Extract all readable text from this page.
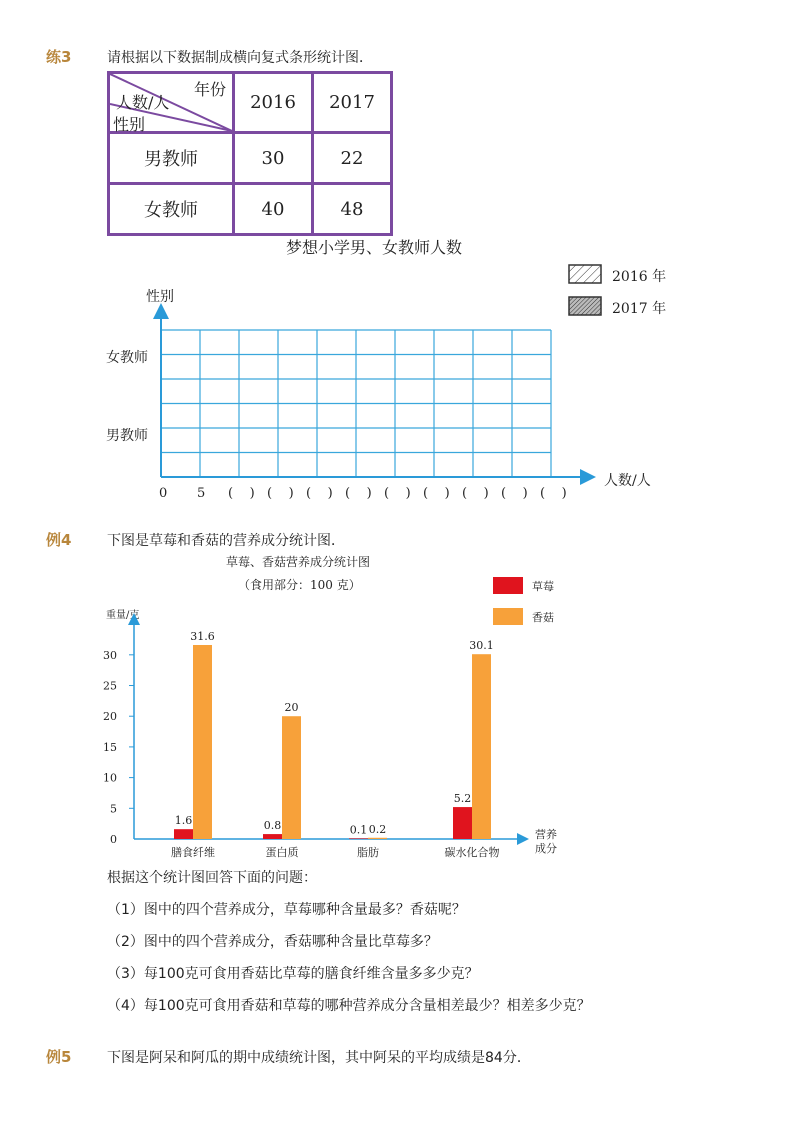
练3	请根据以下数据制成横向复式条形统计图．
年份
人数/人
性别	2016	2017
男教师	30	22
女教师	40	48
梦想小学男、女教师人数
2016 年
2017 年
性别
女教师
男教师
人数/人
0 5 (    ) (    ) (    ) (    ) (    ) (    ) (    ) (    ) (    )
例4	下图是草莓和香菇的营养成分统计图．
草莓、香菇营养成分统计图
（食用部分：100 克）
重量/克
0
5
10
15
20
25
30
1.6
31.6
膳食纤维
0.8
20
蛋白质
0.1 0.2
脂肪
5.2
30.1
碳水化合物
营养
成分
草莓
香菇
根据这个统计图回答下面的问题：
（1）图中的四个营养成分，草莓哪种含量最多？香菇呢？
（2）图中的四个营养成分，香菇哪种含量比草莓多？
（3）每100克可食用香菇比草莓的膳食纤维含量多多少克？
（4）每100克可食用香菇和草莓的哪种营养成分含量相差最少？相差多少克？
例5	下图是阿呆和阿瓜的期中成绩统计图，其中阿呆的平均成绩是84分．
